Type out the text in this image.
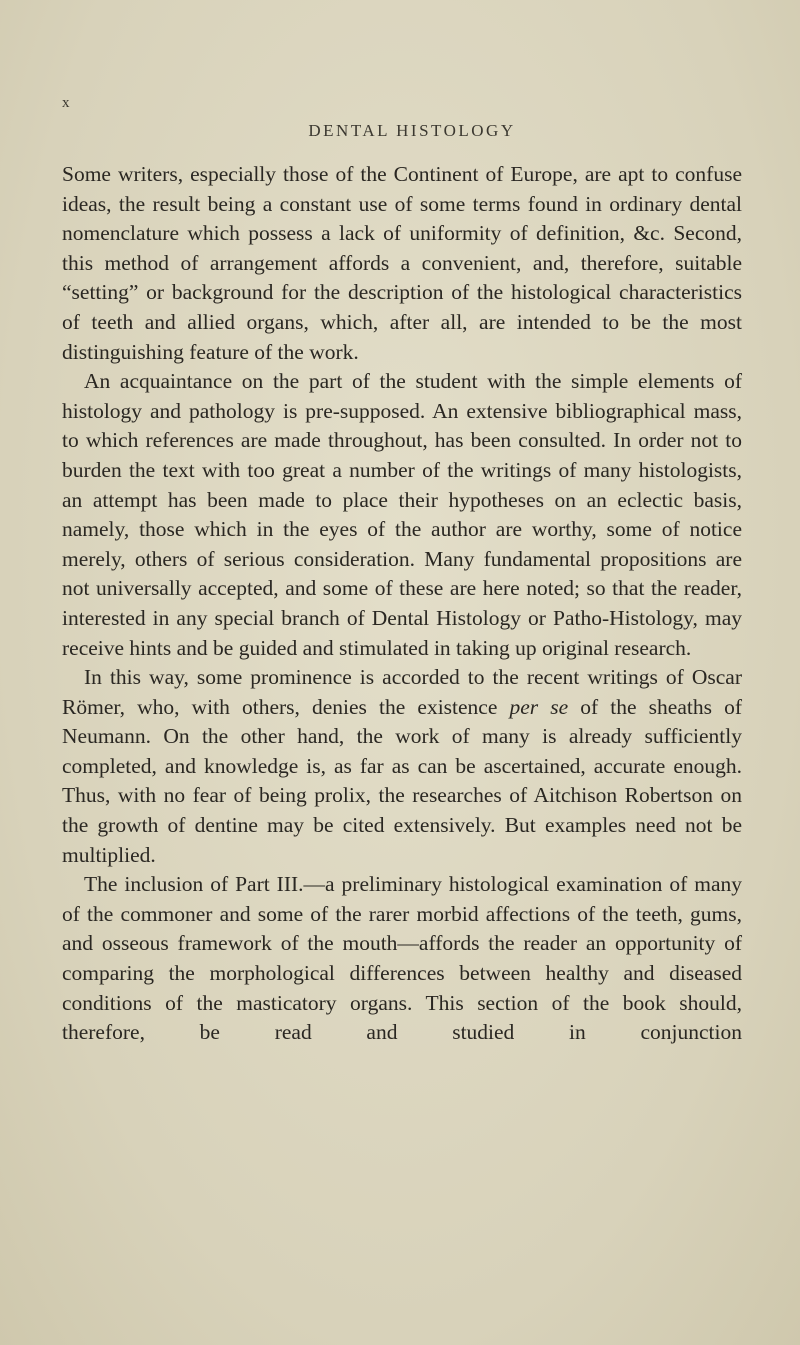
x
DENTAL HISTOLOGY

Some writers, especially those of the Continent of Europe, are apt to confuse ideas, the result being a constant use of some terms found in ordinary dental nomenclature which possess a lack of uniformity of definition, &c. Second, this method of arrangement affords a convenient, and, therefore, suitable “setting” or background for the description of the histological characteristics of teeth and allied organs, which, after all, are intended to be the most distinguishing feature of the work.

An acquaintance on the part of the student with the simple elements of histology and pathology is pre-supposed. An extensive bibliographical mass, to which references are made throughout, has been consulted. In order not to burden the text with too great a number of the writings of many histologists, an attempt has been made to place their hypotheses on an eclectic basis, namely, those which in the eyes of the author are worthy, some of notice merely, others of serious consideration. Many fundamental propositions are not universally accepted, and some of these are here noted; so that the reader, interested in any special branch of Dental Histology or Patho-Histology, may receive hints and be guided and stimulated in taking up original research.

In this way, some prominence is accorded to the recent writings of Oscar Römer, who, with others, denies the existence per se of the sheaths of Neumann. On the other hand, the work of many is already sufficiently completed, and knowledge is, as far as can be ascertained, accurate enough. Thus, with no fear of being prolix, the researches of Aitchison Robertson on the growth of dentine may be cited extensively. But examples need not be multiplied.

The inclusion of Part III.—a preliminary histological examination of many of the commoner and some of the rarer morbid affections of the teeth, gums, and osseous framework of the mouth—affords the reader an opportunity of comparing the morphological differences between healthy and diseased conditions of the masticatory organs. This section of the book should, therefore, be read and studied in conjunction
